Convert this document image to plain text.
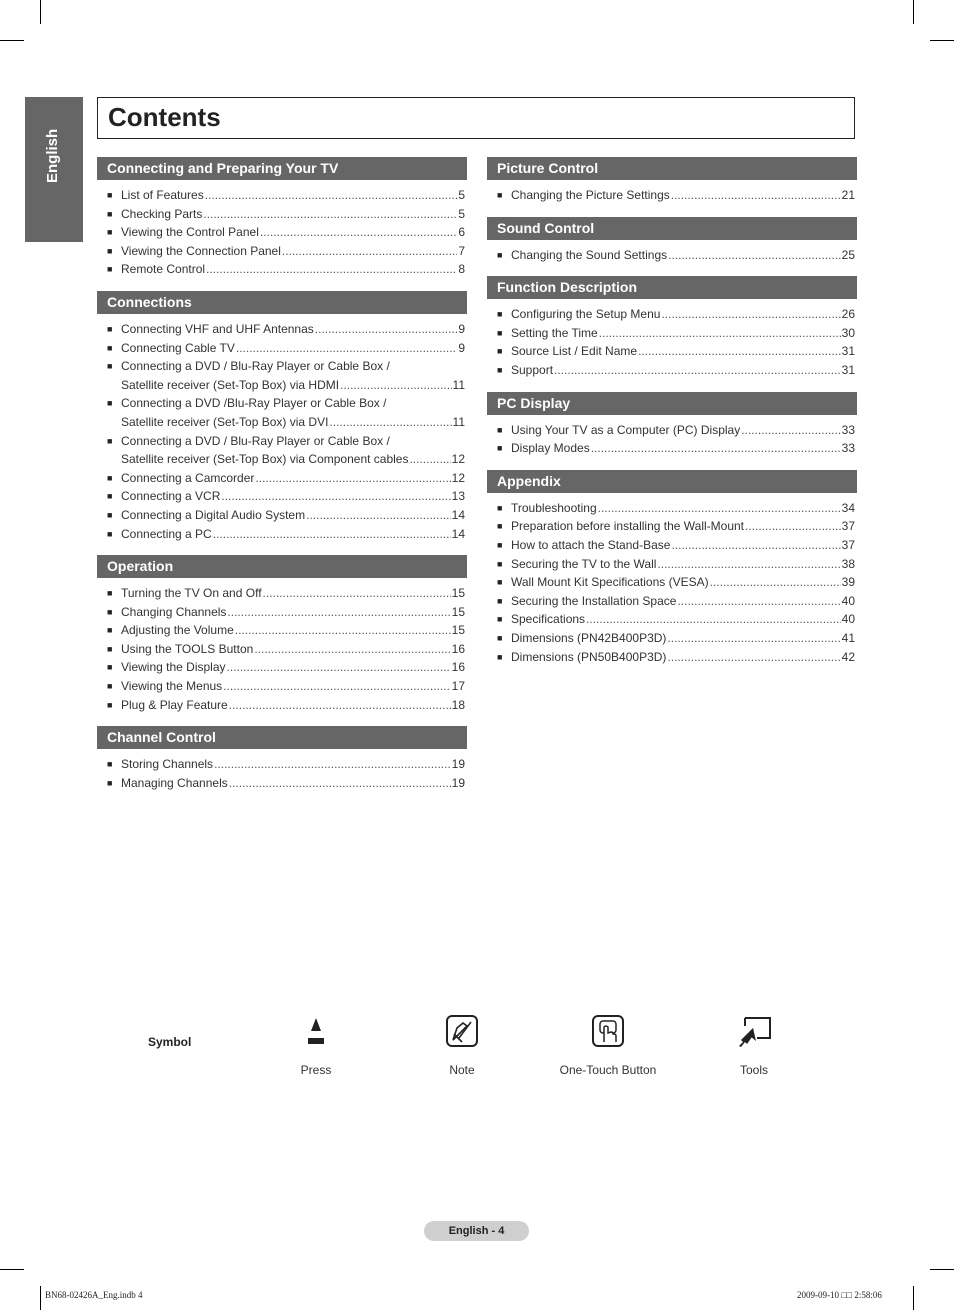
English
Contents
Connecting and Preparing Your TV
■ List of Features .....	5
■ Checking Parts .....	5
■ Viewing the Control Panel .....	6
■ Viewing the Connection Panel .....	7
■ Remote Control .....	8
Connections
■ Connecting VHF and UHF Antennas .....	9
■ Connecting Cable TV .....	9
■ Connecting a DVD / Blu-Ray Player or Cable Box /
Satellite receiver (Set-Top Box) via HDMI .....	11
■ Connecting a DVD /Blu-Ray Player or Cable Box /
Satellite receiver (Set-Top Box) via DVI .....	11
■ Connecting a DVD / Blu-Ray Player or Cable Box /
Satellite receiver (Set-Top Box) via Component cables .....	12
■ Connecting a Camcorder .....	12
■ Connecting a VCR .....	13
■ Connecting a Digital Audio System .....	14
■ Connecting a PC .....	14
Operation
■ Turning the TV On and Off .....	15
■ Changing Channels .....	15
■ Adjusting the Volume .....	15
■ Using the TOOLS Button .....	16
■ Viewing the Display .....	16
■ Viewing the Menus .....	17
■ Plug & Play Feature .....	18
Channel Control
■ Storing Channels .....	19
■ Managing Channels .....	19
Picture Control
■ Changing the Picture Settings .....	21
Sound Control
■ Changing the Sound Settings .....	25
Function Description
■ Configuring the Setup Menu .....	26
■ Setting the Time .....	30
■ Source List / Edit Name .....	31
■ Support .....	31
PC Display
■ Using Your TV as a Computer (PC) Display .....	33
■ Display Modes .....	33
Appendix
■ Troubleshooting .....	34
■ Preparation before installing the Wall-Mount .....	37
■ How to attach the Stand-Base .....	37
■ Securing the TV to the Wall .....	38
■ Wall Mount Kit Specifications (VESA) .....	39
■ Securing the Installation Space .....	40
■ Specifications .....	40
■ Dimensions (PN42B400P3D) .....	41
■ Dimensions (PN50B400P3D) .....	42
Symbol
Press	Note	One-Touch Button	Tools
English - 4
BN68-02426A_Eng.indb 4	2009-09-10 □□ 2:58:06
